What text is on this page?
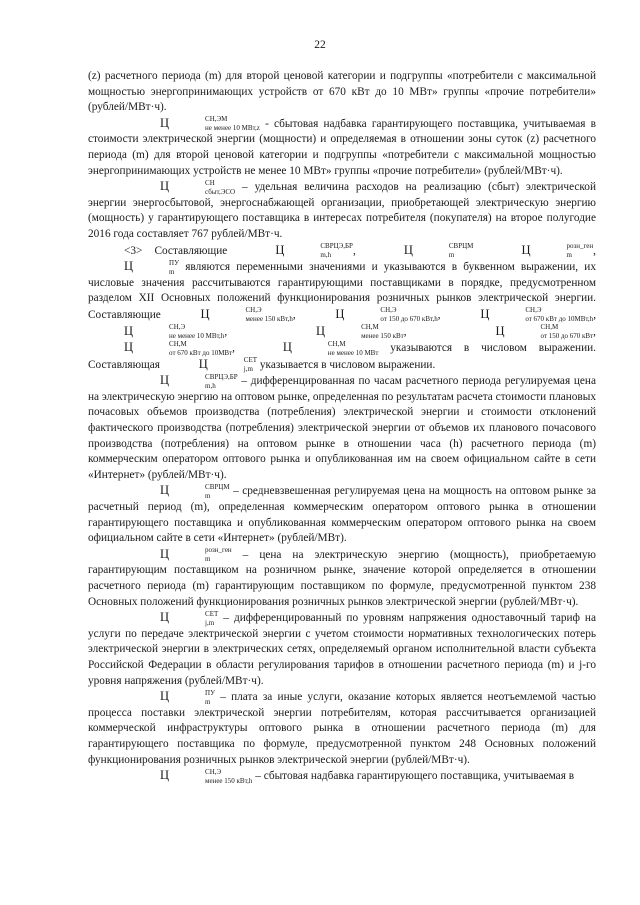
22

(z) расчетного периода (m) для второй ценовой категории и подгруппы «потребители с максимальной мощностью энергопринимающих устройств от 670 кВт до 10 МВт» группы «прочие потребители» (рублей/МВт·ч).

Ц	СН,ЭМ
не менее 10 МВт,z - сбытовая надбавка гарантирующего поставщика, учитываемая в стоимости электрической энергии (мощности) и определяемая в отношении зоны суток (z) расчетного периода (m) для второй ценовой категории и подгруппы «потребители с максимальной мощностью энергопринимающих устройств не менее 10 МВт» группы «прочие потребители» (рублей/МВт·ч).

Ц	СН
сбыт,ЭСО – удельная величина расходов на реализацию (сбыт) электрической энергии энергосбытовой, энергоснабжающей организации, приобретающей электрическую энергию (мощность) у гарантирующего поставщика в интересах потребителя (покупателя) на второе полугодие 2016 года составляет 767 рублей/МВт·ч.

<3> Составляющие	Ц	СВРЦЭ,БР
m,h	,	Ц	СВРЦМ
m	Ц	розн_ген
m	, Ц	ПУ
m являются переменными значениями и указываются в буквенном выражении, их числовые значения рассчитываются гарантирующими поставщиками в порядке, предусмотренном разделом XII Основных положений функционирования розничных рынков электрической энергии. Составляющие	Ц	СН,Э
менее 150 кВт,h ,	Ц	СН,Э
от 150 до 670 кВт,h ,	Ц	СН,Э
от 670 кВт до 10МВт,h , Ц	СН,Э
не менее 10 МВт,h ,	Ц	СН,М
менее 150 кВт ,	Ц	СН,М
от 150 до 670 кВт , Ц	СН,М
от 670 кВт до 10МВт ,	Ц	СН,М
не менее 10 МВт указываются в числовом выражении. Составляющая	Ц	СЕТ
j,m указывается в числовом выражении.

Ц	СВРЦЭ,БР
m,h	– дифференцированная по часам расчетного периода регулируемая цена на электрическую энергию на оптовом рынке, определенная по результатам расчета стоимости плановых почасовых объемов производства (потребления) электрической энергии и стоимости отклонений фактического производства (потребления) электрической энергии от объемов их планового почасового производства (потребления) на оптовом рынке в отношении часа (h) расчетного периода (m) коммерческим оператором оптового рынка и опубликованная им на своем официальном сайте в сети «Интернет» (рублей/МВт·ч).

Ц	СВРЦМ
m	– средневзвешенная регулируемая цена на мощность на оптовом рынке за расчетный период (m), определенная коммерческим оператором оптового рынка в отношении гарантирующего поставщика и опубликованная коммерческим оператором оптового рынка на своем официальном сайте в сети «Интернет» (рублей/МВт).

Ц	розн_ген
m	– цена на электрическую энергию (мощность), приобретаемую гарантирующим поставщиком на розничном рынке, значение которой определяется в отношении расчетного периода (m) гарантирующим поставщиком по формуле, предусмотренной пунктом 238 Основных положений функционирования розничных рынков электрической энергии (рублей/МВт·ч).

Ц	СЕТ
j,m – дифференцированный по уровням напряжения одноставочный тариф на услуги по передаче электрической энергии с учетом стоимости нормативных технологических потерь электрической энергии в электрических сетях, определяемый органом исполнительной власти субъекта Российской Федерации в области регулирования тарифов в отношении расчетного периода (m) и j-го уровня напряжения (рублей/МВт·ч).

Ц	ПУ
m – плата за иные услуги, оказание которых является неотъемлемой частью процесса поставки электрической энергии потребителям, которая рассчитывается организацией коммерческой инфраструктуры оптового рынка в отношении расчетного периода (m) для гарантирующего поставщика по формуле, предусмотренной пунктом 248 Основных положений функционирования розничных рынков электрической энергии (рублей/МВт·ч).

Ц	СН,Э
менее 150 кВт,h – сбытовая надбавка гарантирующего поставщика, учитываемая в
